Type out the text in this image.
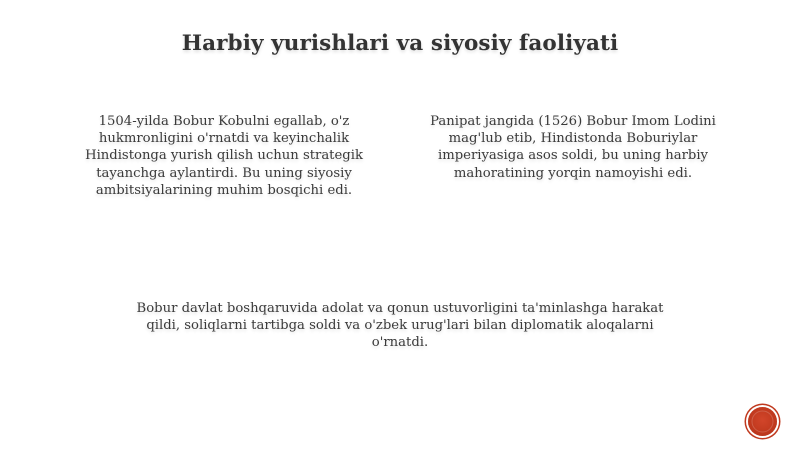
Harbiy yurishlari va siyosiy faoliyati

1504-yilda Bobur Kobulni egallab, o'z hukmronligini o'rnatdi va keyinchalik Hindistonga yurish qilish uchun strategik tayanchga aylantirdi. Bu uning siyosiy ambitsiyalarining muhim bosqichi edi.

Panipat jangida (1526) Bobur Imom Lodini mag'lub etib, Hindistonda Boburiylar imperiyasiga asos soldi, bu uning harbiy mahoratining yorqin namoyishi edi.

Bobur davlat boshqaruvida adolat va qonun ustuvorligini ta'minlashga harakat qildi, soliqlarni tartibga soldi va o'zbek urug'lari bilan diplomatik aloqalarni o'rnatdi.
